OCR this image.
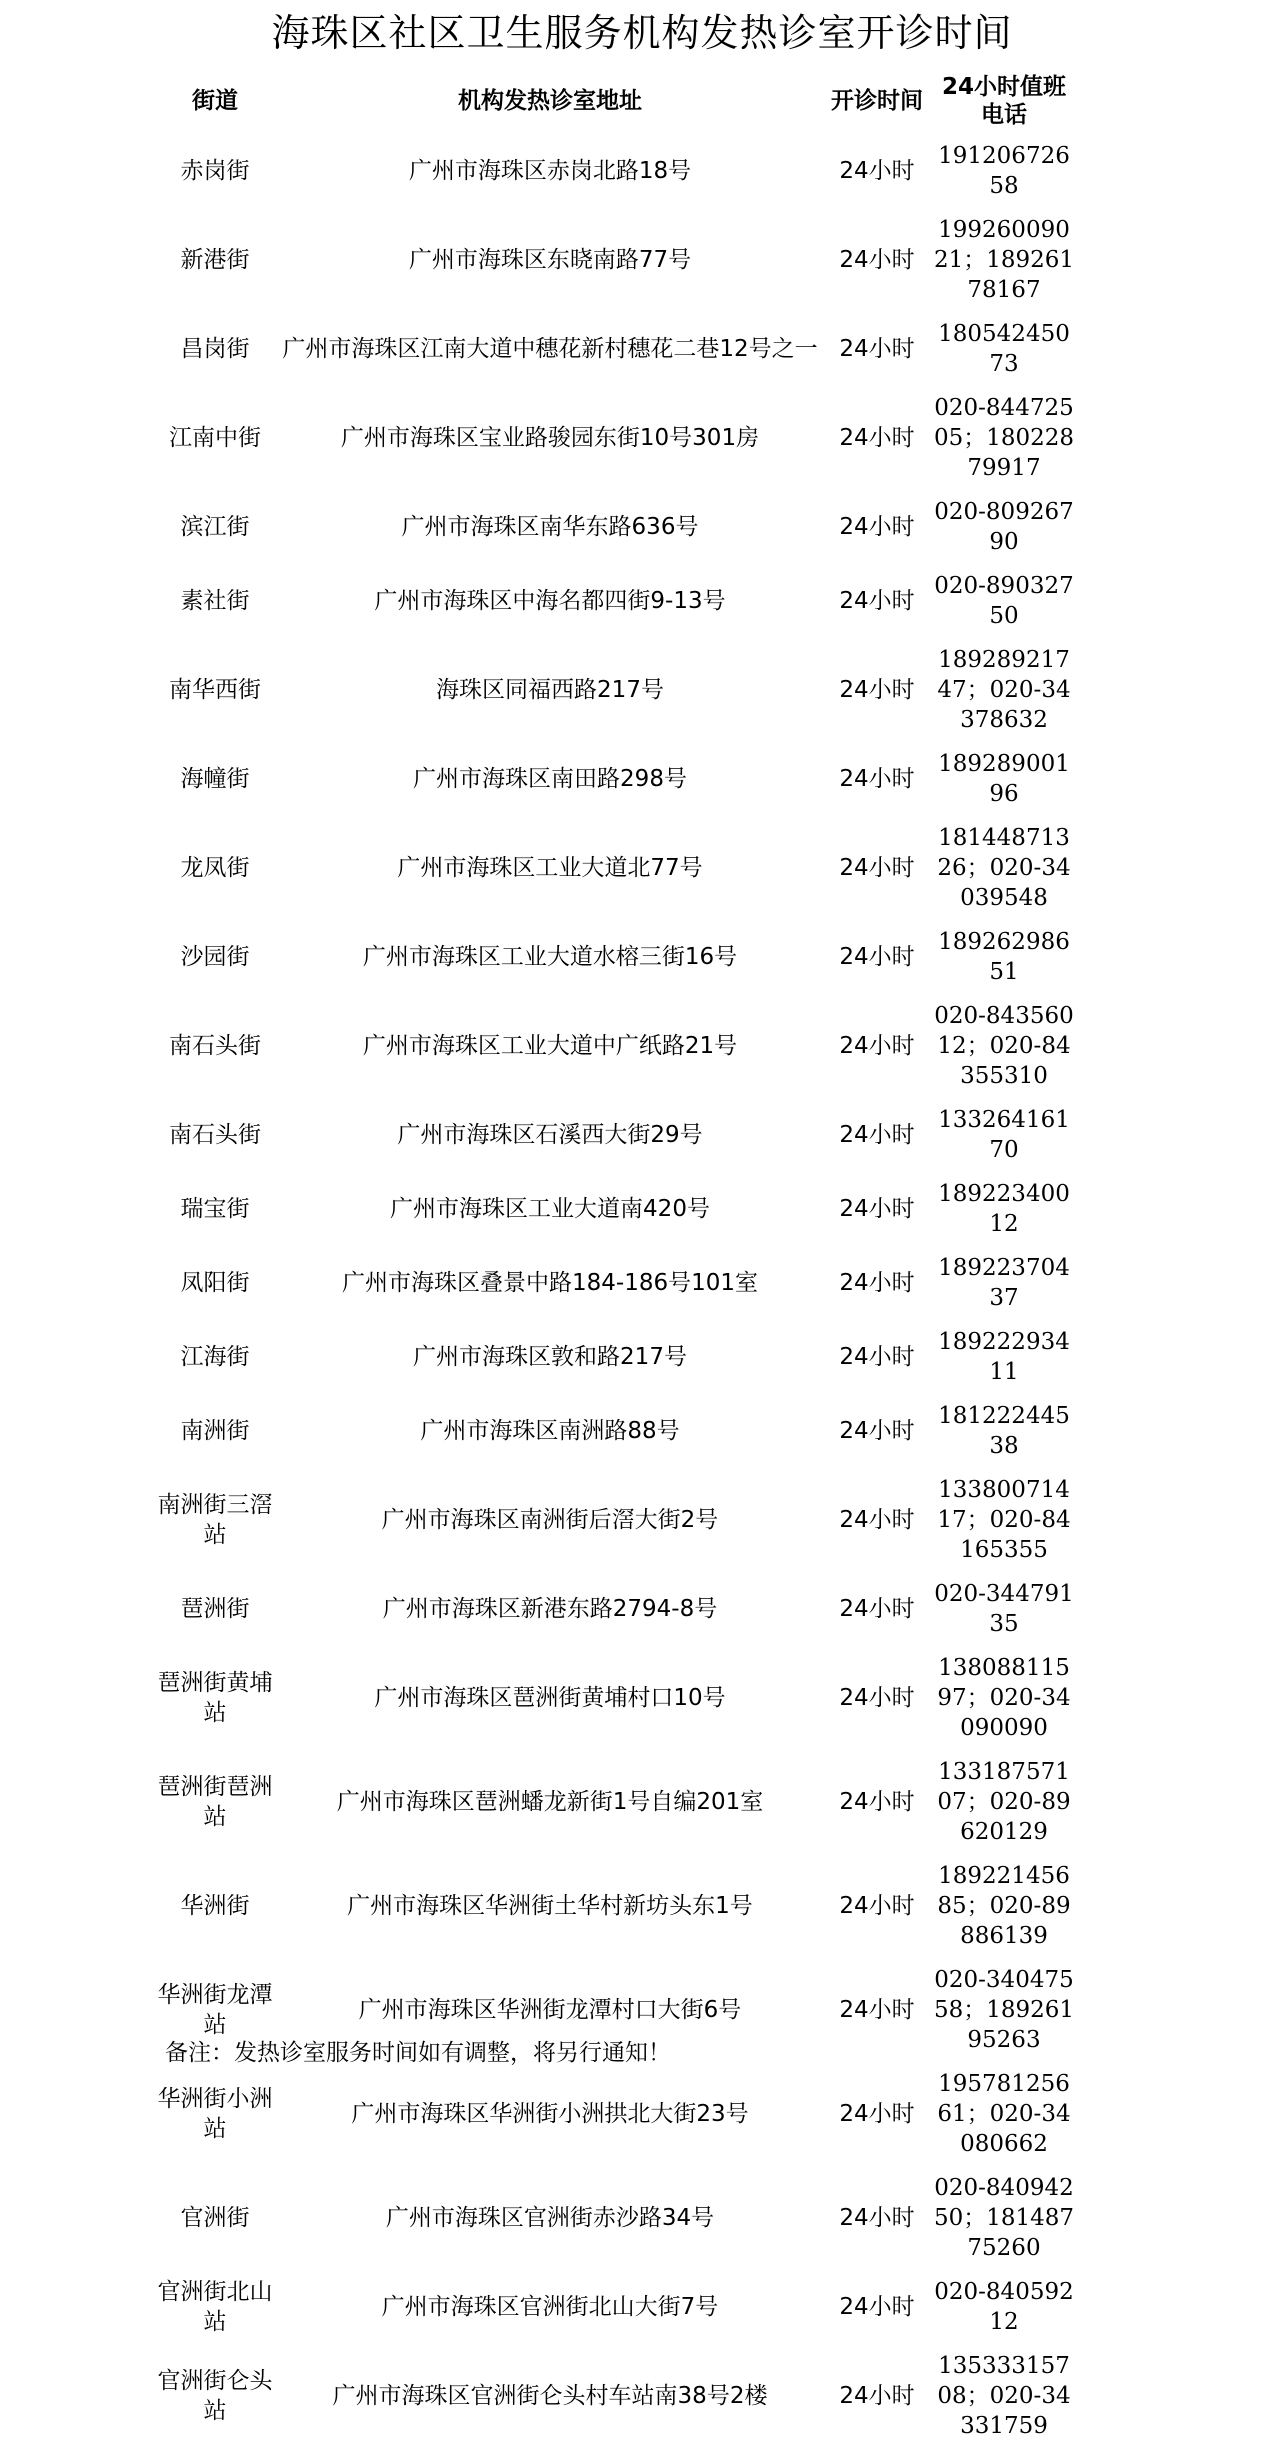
海珠区社区卫生服务机构发热诊室开诊时间
街道	机构发热诊室地址	开诊时间	24小时值班电话
赤岗街	广州市海珠区赤岗北路18号	24小时	19120672658
新港街	广州市海珠区东晓南路77号	24小时	19926009021；18926178167
昌岗街	广州市海珠区江南大道中穗花新村穗花二巷12号之一	24小时	18054245073
江南中街	广州市海珠区宝业路骏园东街10号301房	24小时	020-84472505；18022879917
滨江街	广州市海珠区南华东路636号	24小时	020-80926790
素社街	广州市海珠区中海名都四街9-13号	24小时	020-89032750
南华西街	海珠区同福西路217号	24小时	18928921747；020-34378632
海幢街	广州市海珠区南田路298号	24小时	18928900196
龙凤街	广州市海珠区工业大道北77号	24小时	18144871326；020-34039548
沙园街	广州市海珠区工业大道水榕三街16号	24小时	18926298651
南石头街	广州市海珠区工业大道中广纸路21号	24小时	020-84356012；020-84355310
南石头街	广州市海珠区石溪西大街29号	24小时	13326416170
瑞宝街	广州市海珠区工业大道南420号	24小时	18922340012
凤阳街	广州市海珠区叠景中路184-186号101室	24小时	18922370437
江海街	广州市海珠区敦和路217号	24小时	18922293411
南洲街	广州市海珠区南洲路88号	24小时	18122244538
南洲街三滘站	广州市海珠区南洲街后滘大街2号	24小时	13380071417；020-84165355
琶洲街	广州市海珠区新港东路2794-8号	24小时	020-34479135
琶洲街黄埔站	广州市海珠区琶洲街黄埔村口10号	24小时	13808811597；020-34090090
琶洲街琶洲站	广州市海珠区琶洲蟠龙新街1号自编201室	24小时	13318757107；020-89620129
华洲街	广州市海珠区华洲街土华村新坊头东1号	24小时	18922145685；020-89886139
华洲街龙潭站	广州市海珠区华洲街龙潭村口大街6号	24小时	020-34047558；18926195263
华洲街小洲站	广州市海珠区华洲街小洲拱北大街23号	24小时	19578125661；020-34080662
官洲街	广州市海珠区官洲街赤沙路34号	24小时	020-84094250；18148775260
官洲街北山站	广州市海珠区官洲街北山大街7号	24小时	020-84059212
官洲街仑头站	广州市海珠区官洲街仑头村车站南38号2楼	24小时	13533315708；020-34331759
备注：发热诊室服务时间如有调整，将另行通知！
